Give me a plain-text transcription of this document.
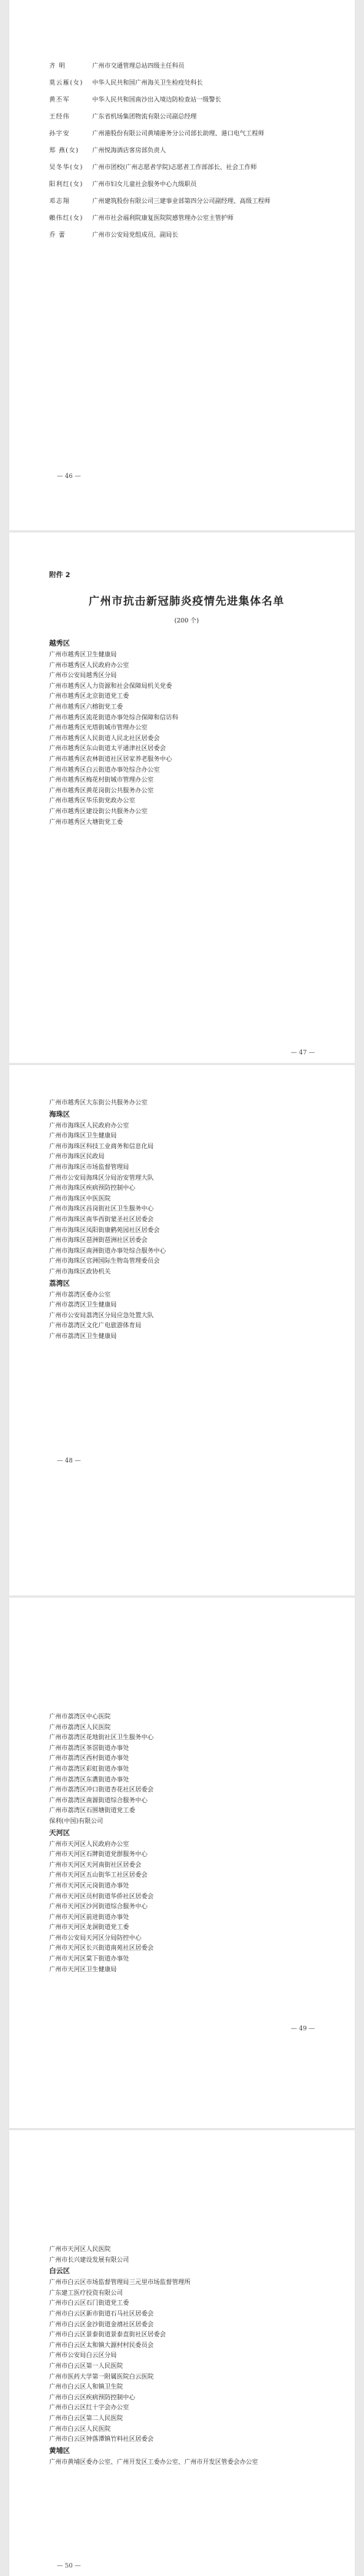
齐 明	广州市交通管理总站四级主任科员
莫云雁(女)	中华人民共和国广州海关卫生检疫处科长
黄丕军	中华人民共和国南沙出入境边防检查站一级警长
王经伟	广东省机场集团物流有限公司副总经理
孙宇安	广州港股份有限公司黄埔港务分公司部长助理、港口电气工程师
郑 燕(女)	广州悦海酒店客房部负责人
吴冬华(女)	广州市团校(广州志愿者学院)志愿者工作部部长、社会工作师
阳利红(女)	广州市妇女儿童社会服务中心九级职员
邓志翔	广州建筑股份有限公司三建事业部第四分公司副经理、高级工程师
賴伟红(女)	广州市社会福利院康复医院院感管理办公室主管护师
乔 蕾	广州市公安局党组成员、副局长
— 46 —
附件 2
广州市抗击新冠肺炎疫情先进集体名单
(200 个)
越秀区
广州市越秀区卫生健康局
广州市越秀区人民政府办公室
广州市公安局越秀区分局
广州市越秀区人力资源和社会保障局机关党委
广州市越秀区北京街道党工委
广州市越秀区六榕街党工委
广州市越秀区流花街道办事处综合保障和信访科
广州市越秀区光塔街城市管理办公室
广州市越秀区人民街道人民北社区居委会
广州市越秀区东山街道太平通津社区居委会
广州市越秀区农林街道社区居家养老服务中心
广州市越秀区白云街道办事处综合办公室
广州市越秀区梅花村街城市管理办公室
广州市越秀区黄花岗街公共服务办公室
广州市越秀区华乐街党政办公室
广州市越秀区建设街公共服务办公室
广州市越秀区大塘街党工委
— 47 —
广州市越秀区大东街公共服务办公室
海珠区
广州市海珠区人民政府办公室
广州市海珠区卫生健康局
广州市海珠区科技工业商务和信息化局
广州市海珠区民政局
广州市海珠区市场监督管理局
广州市公安局海珠区分局治安管理大队
广州市海珠区疾病预防控制中心
广州市海珠区中医医院
广州市海珠区昌岗街社区卫生服务中心
广州市海珠区南华西街蒙圣社区居委会
广州市海珠区凤阳街康鹤苑园社区居委会
广州市海珠区琶洲街琶洲社区居委会
广州市海珠区南洲街道办事处综合服务中心
广州市海珠区官洲国际生物岛管理委员会
广州市海珠区政协机关
荔湾区
广州市荔湾区委办公室
广州市荔湾区卫生健康局
广州市公安局荔湾区分局应急处置大队
广州市荔湾区文化广电旅游体育局
广州市荔湾区卫生健康局
— 48 —
广州市荔湾区中心医院
广州市荔湾区人民医院
广州市荔湾区花地街社区卫生服务中心
广州市荔湾区茶滘街道办事处
广州市荔湾区西村街道办事处
广州市荔湾区彩虹街道办事处
广州市荔湾区东漖街道办事处
广州市荔湾区冲口街道杏花社区居委会
广州市荔湾区南源街道综合服务中心
广州市荔湾区石围塘街道党工委
保利(中国)有限公司
天河区
广州市天河区人民政府办公室
广州市天河区石牌街道党群服务中心
广州市天河区天河南街社区居委会
广州市天河区五山街华工社区居委会
广州市天河区元岗街道办事处
广州市天河区员村街道华侨社区居委会
广州市天河区沙河街道综合服务中心
广州市天河区前进街道办事处
广州市天河区龙洞街道党工委
广州市公安局天河区分局防控中心
广州市天河区长兴街道南苑社区居委会
广州市天河区棠下街道办事处
广州市天河区卫生健康局
— 49 —
广州市天河区人民医院
广州市长兴建设发展有限公司
白云区
广州市白云区市场监督管理局三元里市场监督管理所
广东建工医疗投资有限公司
广州市白云区石门街道党工委
广州市白云区新市街道石马社区居委会
广州市白云区金沙街道金禧社区居委会
广州市白云区景泰街道景泰直街社区居委会
广州市白云区太和镇大源村村民委员会
广州市公安局白云区分局
广州市白云区第一人民医院
广州市医药大学第一附属医院白云医院
广州市白云区人和镇卫生院
广州市白云区疾病预防控制中心
广州市白云区红十字会办公室
广州市白云区第二人民医院
广州市白云区人民医院
广州市白云区钟落潭镇竹料社区居委会
黄埔区
广州市黄埔区委办公室、广州开发区工委办公室、广州市开发区管委会办公室
— 50 —
